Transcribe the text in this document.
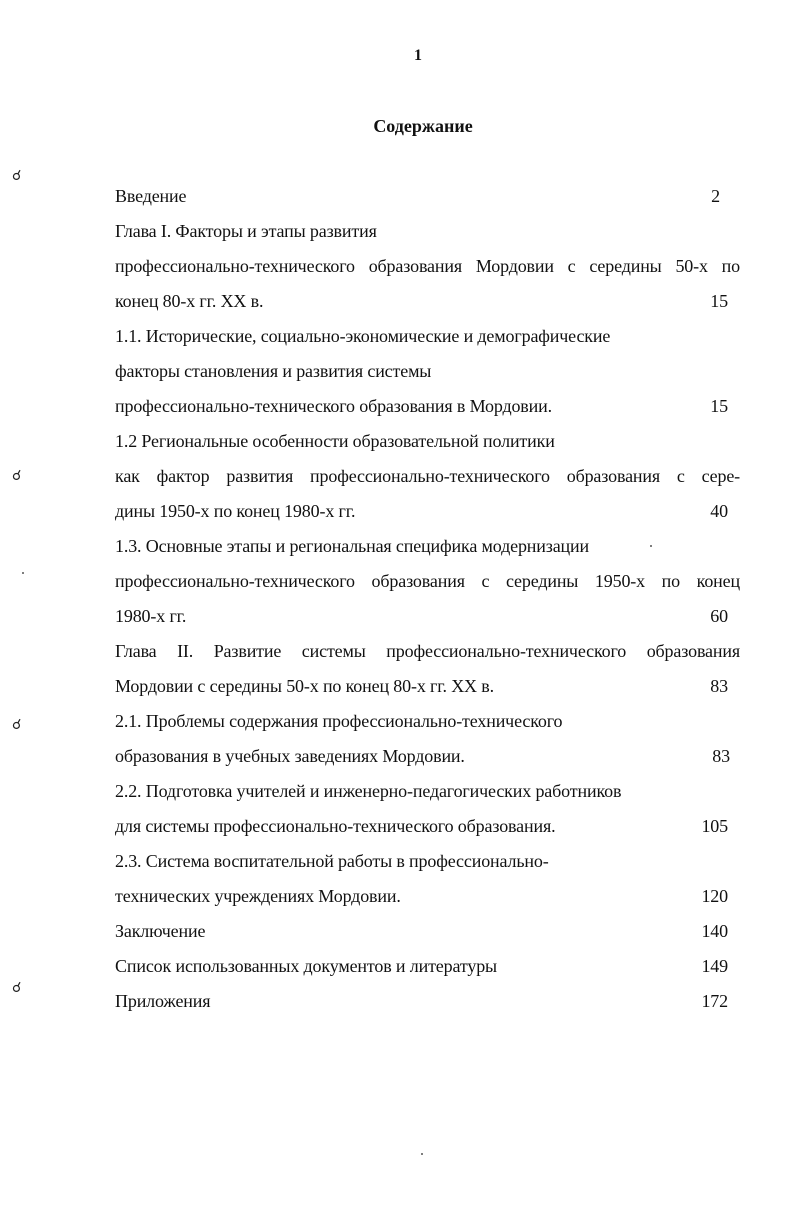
1
Содержание
Введение	2
Глава I. Факторы и этапы развития
профессионально-технического образования Мордовии с середины 50-х по
конец 80-х гг. XX в.	15
1.1. Исторические, социально-экономические и демографические
факторы становления и развития системы
профессионально-технического образования в Мордовии.	15
1.2 Региональные особенности образовательной политики
как фактор развития профессионально-технического образования с сере-
дины 1950-х по конец 1980-х гг.	40
1.3. Основные этапы и региональная специфика модернизации
профессионально-технического образования с середины 1950-х по конец
1980-х гг.	60
Глава II. Развитие системы профессионально-технического образования
Мордовии с середины 50-х по конец 80-х гг. XX в.	83
2.1. Проблемы содержания профессионально-технического
образования в учебных заведениях Мордовии.	83
2.2. Подготовка учителей и инженерно-педагогических работников
для системы профессионально-технического образования.	105
2.3. Система воспитательной работы в профессионально-
технических учреждениях Мордовии.	120
Заключение	140
Список использованных документов и литературы	149
Приложения	172
☌
☌
☌
☌
